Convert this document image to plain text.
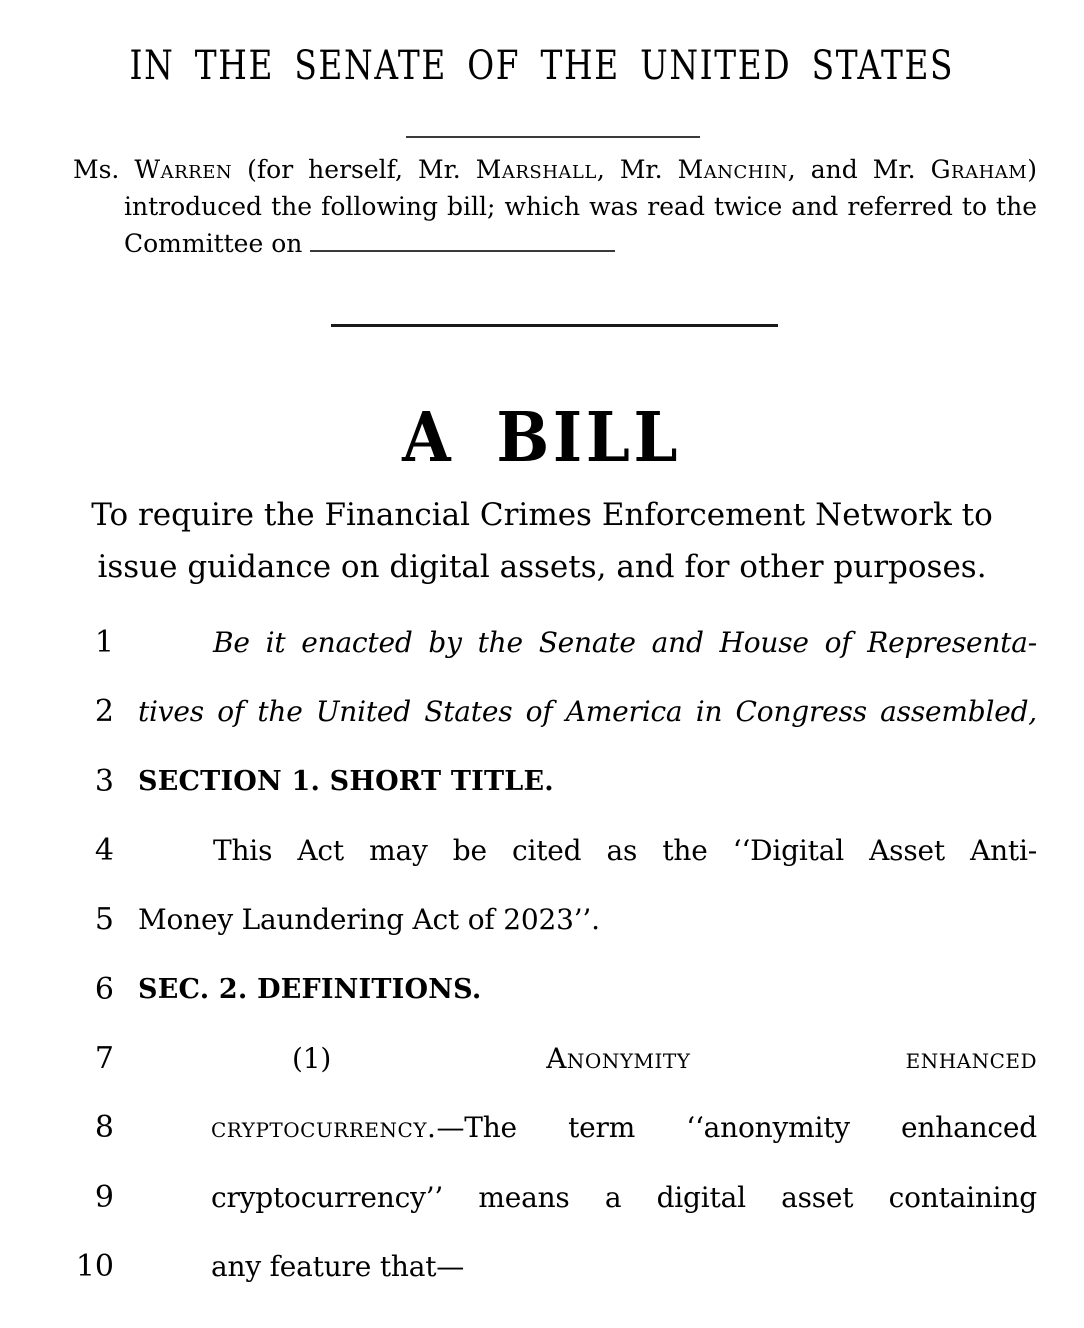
IN THE SENATE OF THE UNITED STATES
Ms. Warren (for herself, Mr. Marshall, Mr. Manchin, and Mr. Graham)
introduced the following bill; which was read twice and referred to the
Committee on
A BILL
To require the Financial Crimes Enforcement Network to
issue guidance on digital assets, and for other purposes.
1	Be it enacted by the Senate and House of Representa-
2 tives of the United States of America in Congress assembled,
3 SECTION 1. SHORT TITLE.
4	This Act may be cited as the ‘‘Digital Asset Anti-
5 Money Laundering Act of 2023’’.
6 SEC. 2. DEFINITIONS.
7	(1)	Anonymity	enhanced
8	cryptocurrency.—The term ‘‘anonymity enhanced
9	cryptocurrency’’ means a digital asset containing
10	any feature that—
